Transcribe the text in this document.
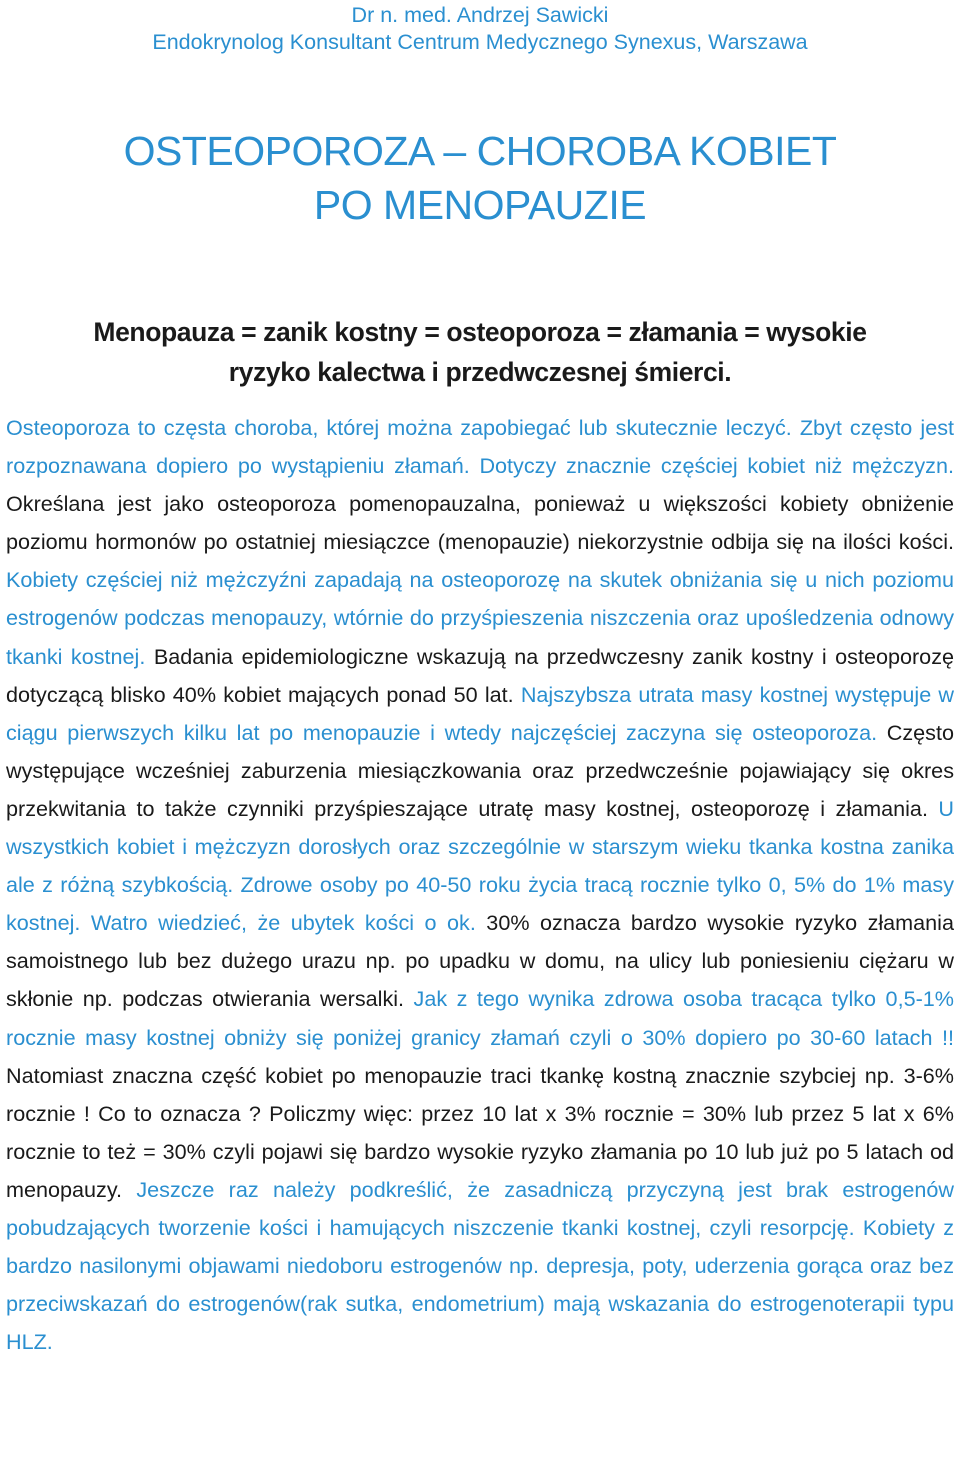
Dr n. med. Andrzej Sawicki
Endokrynolog Konsultant Centrum Medycznego Synexus, Warszawa
OSTEOPOROZA – CHOROBA KOBIET
PO MENOPAUZIE
Menopauza = zanik kostny = osteoporoza = złamania = wysokie
ryzyko kalectwa i przedwczesnej śmierci.
Osteoporoza to częsta choroba, której można zapobiegać lub skutecznie leczyć. Zbyt często jest rozpoznawana dopiero po wystąpieniu złamań. Dotyczy znacznie częściej kobiet niż mężczyzn. Określana jest jako osteoporoza pomenopauzalna, ponieważ u większości kobiety obniżenie poziomu hormonów po ostatniej miesiączce (menopauzie) niekorzystnie odbija się na ilości kości. Kobiety częściej niż mężczyźni zapadają na osteoporozę na skutek obniżania się u nich poziomu estrogenów podczas menopauzy, wtórnie do przyśpieszenia niszczenia oraz upośledzenia odnowy tkanki kostnej. Badania epidemiologiczne wskazują na przedwczesny zanik kostny i osteoporozę dotyczącą blisko 40% kobiet mających ponad 50 lat. Najszybsza utrata masy kostnej występuje w ciągu pierwszych kilku lat po menopauzie i wtedy najczęściej zaczyna się osteoporoza. Często występujące wcześniej zaburzenia miesiączkowania oraz przedwcześnie pojawiający się okres przekwitania to także czynniki przyśpieszające utratę masy kostnej, osteoporozę i złamania. U wszystkich kobiet i mężczyzn dorosłych oraz szczególnie w starszym wieku tkanka kostna zanika ale z różną szybkością. Zdrowe osoby po 40-50 roku życia tracą rocznie tylko 0, 5% do 1% masy kostnej. Watro wiedzieć, że ubytek kości o ok. 30% oznacza bardzo wysokie ryzyko złamania samoistnego lub bez dużego urazu np. po upadku w domu, na ulicy lub poniesieniu ciężaru w skłonie np. podczas otwierania wersalki. Jak z tego wynika zdrowa osoba tracąca tylko 0,5-1% rocznie masy kostnej obniży się poniżej granicy złamań czyli o 30% dopiero po 30-60 latach !! Natomiast znaczna część kobiet po menopauzie traci tkankę kostną znacznie szybciej np. 3-6% rocznie ! Co to oznacza ? Policzmy więc: przez 10 lat x 3% rocznie = 30% lub przez 5 lat x 6% rocznie to też = 30% czyli pojawi się bardzo wysokie ryzyko złamania po 10 lub już po 5 latach od menopauzy. Jeszcze raz należy podkreślić, że zasadniczą przyczyną jest brak estrogenów pobudzających tworzenie kości i hamujących niszczenie tkanki kostnej, czyli resorpcję. Kobiety z bardzo nasilonymi objawami niedoboru estrogenów np. depresja, poty, uderzenia gorąca oraz bez przeciwskazań do estrogenów(rak sutka, endometrium) mają wskazania do estrogenoterapii typu HLZ.
